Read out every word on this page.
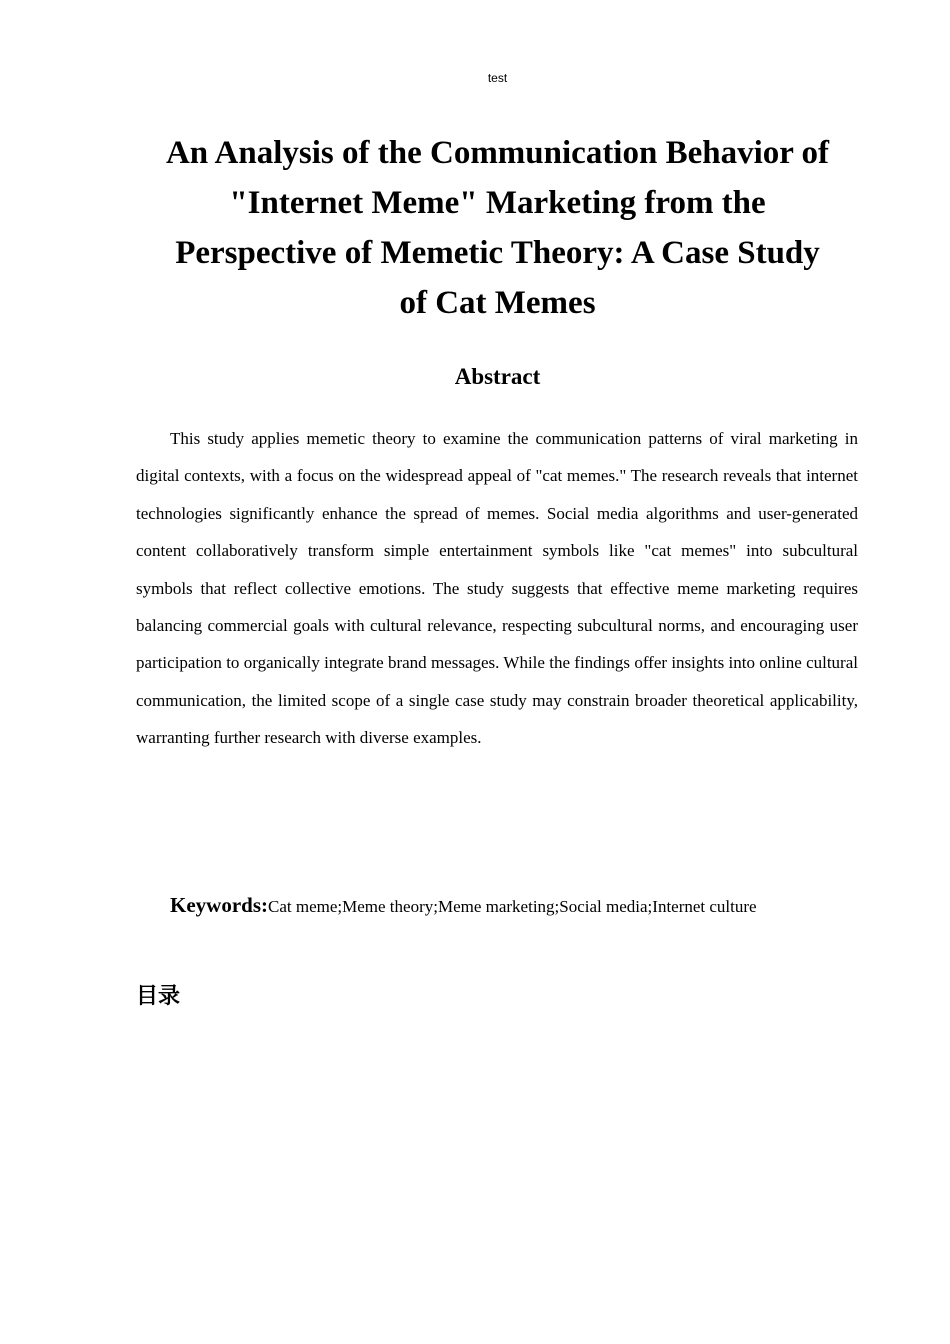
test
An Analysis of the Communication Behavior of
"Internet Meme" Marketing from the
Perspective of Memetic Theory: A Case Study
of Cat Memes
Abstract

This study applies memetic theory to examine the communication patterns of viral marketing in digital contexts, with a focus on the widespread appeal of "cat memes." The research reveals that internet technologies significantly enhance the spread of memes. Social media algorithms and user-generated content collaboratively transform simple entertainment symbols like "cat memes" into subcultural symbols that reflect collective emotions. The study suggests that effective meme marketing requires balancing commercial goals with cultural relevance, respecting subcultural norms, and encouraging user participation to organically integrate brand messages. While the findings offer insights into online cultural communication, the limited scope of a single case study may constrain broader theoretical applicability, warranting further research with diverse examples.

Keywords:Cat meme;Meme theory;Meme marketing;Social media;Internet culture

目录
